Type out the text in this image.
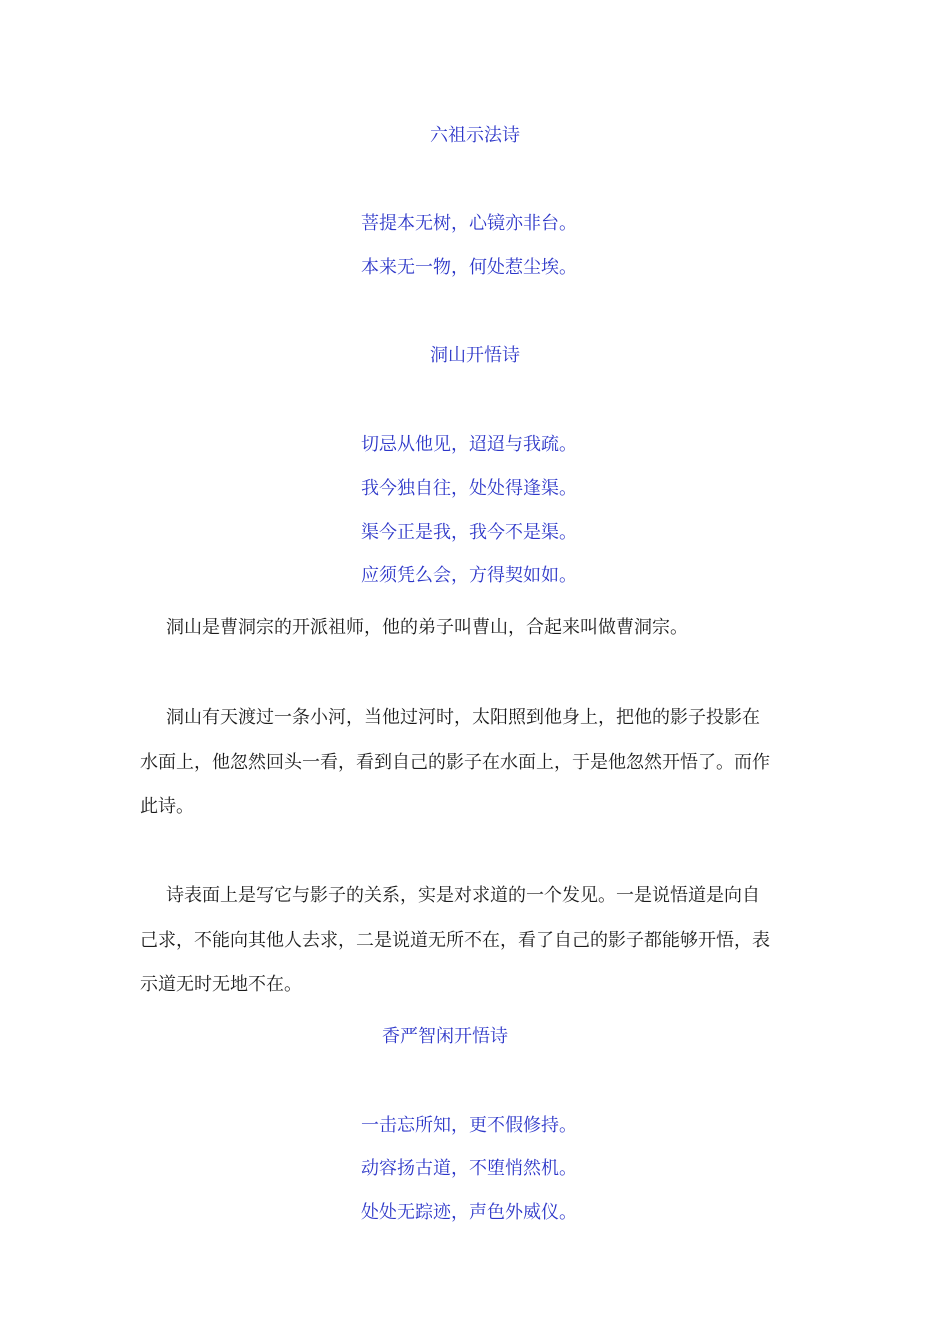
六祖示法诗
菩提本无树，心镜亦非台。
本来无一物，何处惹尘埃。
洞山开悟诗
切忌从他见，迢迢与我疏。
我今独自往，处处得逢渠。
渠今正是我，我今不是渠。
应须凭么会，方得契如如。
洞山是曹洞宗的开派祖师，他的弟子叫曹山，合起来叫做曹洞宗。
洞山有天渡过一条小河，当他过河时，太阳照到他身上，把他的影子投影在
水面上，他忽然回头一看，看到自己的影子在水面上，于是他忽然开悟了。而作
此诗。
诗表面上是写它与影子的关系，实是对求道的一个发见。一是说悟道是向自
己求，不能向其他人去求，二是说道无所不在，看了自己的影子都能够开悟，表
示道无时无地不在。
香严智闲开悟诗
一击忘所知，更不假修持。
动容扬古道，不堕悄然机。
处处无踪迹，声色外威仪。
